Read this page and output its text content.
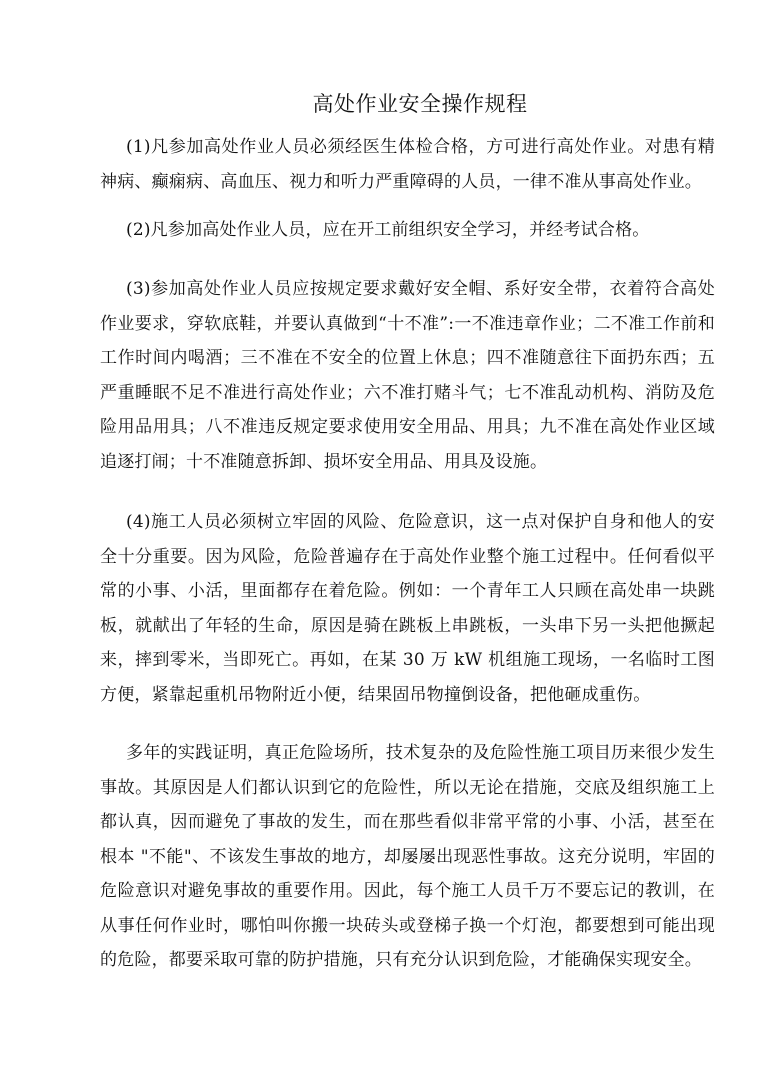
高处作业安全操作规程

(1)凡参加高处作业人员必须经医生体检合格，方可进行高处作业。对患有精神病、癫痫病、高血压、视力和听力严重障碍的人员，一律不准从事高处作业。

(2)凡参加高处作业人员，应在开工前组织安全学习，并经考试合格。

(3)参加高处作业人员应按规定要求戴好安全帽、系好安全带，衣着符合高处作业要求，穿软底鞋，并要认真做到“十不准”:一不准违章作业；二不准工作前和工作时间内喝酒；三不准在不安全的位置上休息；四不准随意往下面扔东西；五严重睡眠不足不准进行高处作业；六不准打赌斗气；七不准乱动机构、消防及危险用品用具；八不准违反规定要求使用安全用品、用具；九不准在高处作业区域追逐打闹；十不准随意拆卸、损坏安全用品、用具及设施。

(4)施工人员必须树立牢固的风险、危险意识，这一点对保护自身和他人的安全十分重要。因为风险，危险普遍存在于高处作业整个施工过程中。任何看似平常的小事、小活，里面都存在着危险。例如：一个青年工人只顾在高处串一块跳板，就献出了年轻的生命，原因是骑在跳板上串跳板，一头串下另一头把他撅起来，摔到零米，当即死亡。再如，在某 30 万 kW 机组施工现场，一名临时工图方便，紧靠起重机吊物附近小便，结果固吊物撞倒设备，把他砸成重伤。

多年的实践证明，真正危险场所，技术复杂的及危险性施工项目历来很少发生事故。其原因是人们都认识到它的危险性，所以无论在措施，交底及组织施工上都认真，因而避免了事故的发生，而在那些看似非常平常的小事、小活，甚至在根本 "不能"、不该发生事故的地方，却屡屡出现恶性事故。这充分说明，牢固的危险意识对避免事故的重要作用。因此，每个施工人员千万不要忘记的教训，在从事任何作业时，哪怕叫你搬一块砖头或登梯子换一个灯泡，都要想到可能出现的危险，都要采取可靠的防护措施，只有充分认识到危险，才能确保实现安全。
